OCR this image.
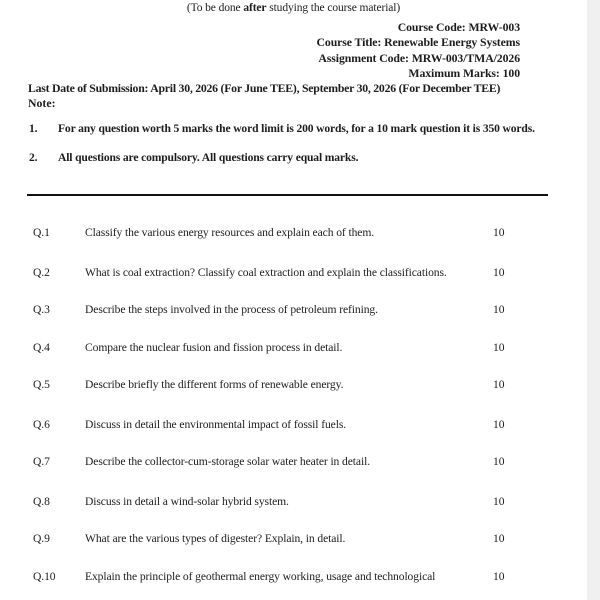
(To be done after studying the course material)
Course Code: MRW-003
Course Title: Renewable Energy Systems
Assignment Code: MRW-003/TMA/2026
Maximum Marks: 100
Last Date of Submission: April 30, 2026 (For June TEE), September 30, 2026 (For December TEE)
Note:
1.	For any question worth 5 marks the word limit is 200 words, for a 10 mark question it is 350 words.
2.	All questions are compulsory. All questions carry equal marks.
Q.1	Classify the various energy resources and explain each of them.	10
Q.2	What is coal extraction? Classify coal extraction and explain the classifications.	10
Q.3	Describe the steps involved in the process of petroleum refining.	10
Q.4	Compare the nuclear fusion and fission process in detail.	10
Q.5	Describe briefly the different forms of renewable energy.	10
Q.6	Discuss in detail the environmental impact of fossil fuels.	10
Q.7	Describe the collector-cum-storage solar water heater in detail.	10
Q.8	Discuss in detail a wind-solar hybrid system.	10
Q.9	What are the various types of digester? Explain, in detail.	10
Q.10	Explain the principle of geothermal energy working, usage and technological	10
